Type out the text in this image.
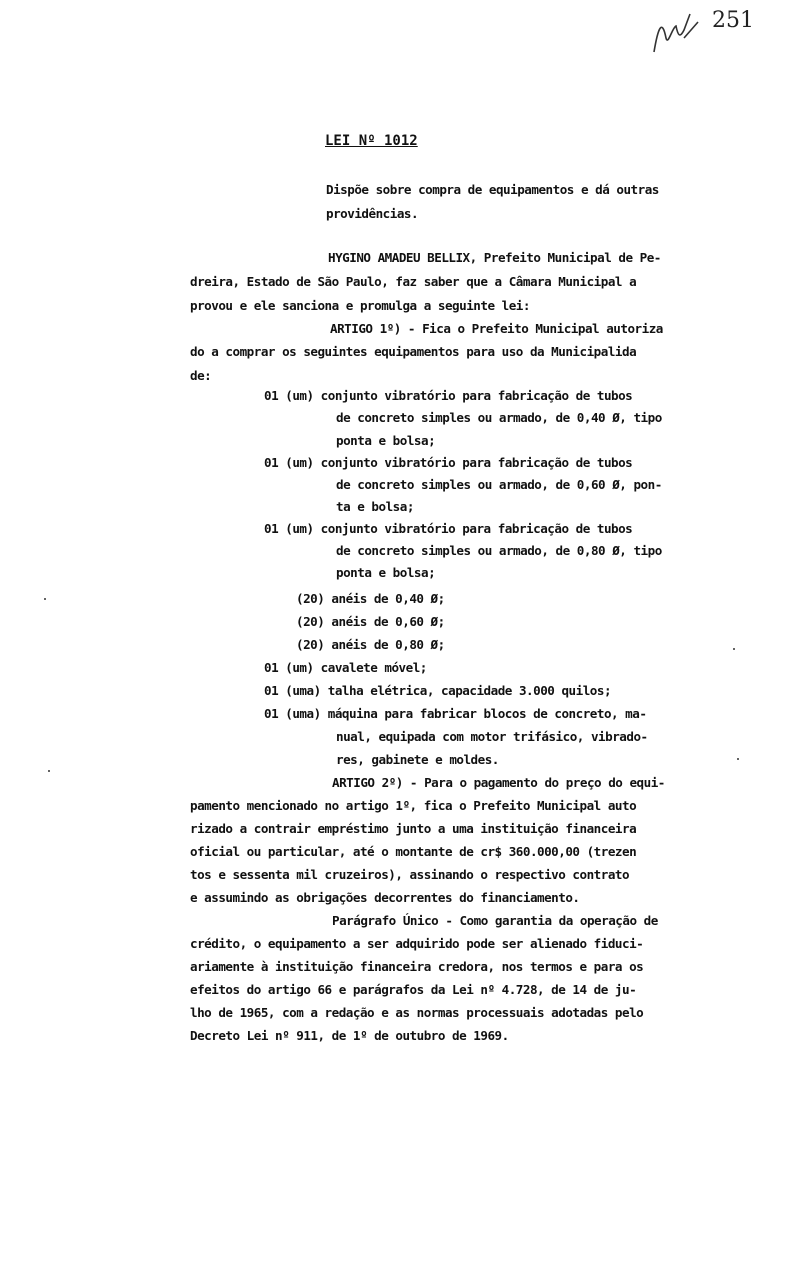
251
LEI Nº 1012
Dispõe sobre compra de equipamentos e dá outras
providências.
HYGINO AMADEU BELLIX, Prefeito Municipal de Pe-
dreira, Estado de São Paulo, faz saber que a Câmara Municipal a
provou e ele sanciona e promulga a seguinte lei:
ARTIGO 1º) - Fica o Prefeito Municipal autoriza
do a comprar os seguintes equipamentos para uso da Municipalida
de:
01 (um) conjunto vibratório para fabricação de tubos
de concreto simples ou armado, de 0,40 Ø, tipo
ponta e bolsa;
01 (um) conjunto vibratório para fabricação de tubos
de concreto simples ou armado, de 0,60 Ø, pon-
ta e bolsa;
01 (um) conjunto vibratório para fabricação de tubos
de concreto simples ou armado, de 0,80 Ø, tipo
ponta e bolsa;
(20) anéis de 0,40 Ø;
(20) anéis de 0,60 Ø;
(20) anéis de 0,80 Ø;
01 (um) cavalete móvel;
01 (uma) talha elétrica, capacidade 3.000 quilos;
01 (uma) máquina para fabricar blocos de concreto, ma-
nual, equipada com motor trifásico, vibrado-
res, gabinete e moldes.
ARTIGO 2º) - Para o pagamento do preço do equi-
pamento mencionado no artigo 1º, fica o Prefeito Municipal auto
rizado a contrair empréstimo junto a uma instituição financeira
oficial ou particular, até o montante de cr$ 360.000,00 (trezen
tos e sessenta mil cruzeiros), assinando o respectivo contrato
e assumindo as obrigações decorrentes do financiamento.
Parágrafo Único - Como garantia da operação de
crédito, o equipamento a ser adquirido pode ser alienado fiduci-
ariamente à instituição financeira credora, nos termos e para os
efeitos do artigo 66 e parágrafos da Lei nº 4.728, de 14 de ju-
lho de 1965, com a redação e as normas processuais adotadas pelo
Decreto Lei nº 911, de 1º de outubro de 1969.
